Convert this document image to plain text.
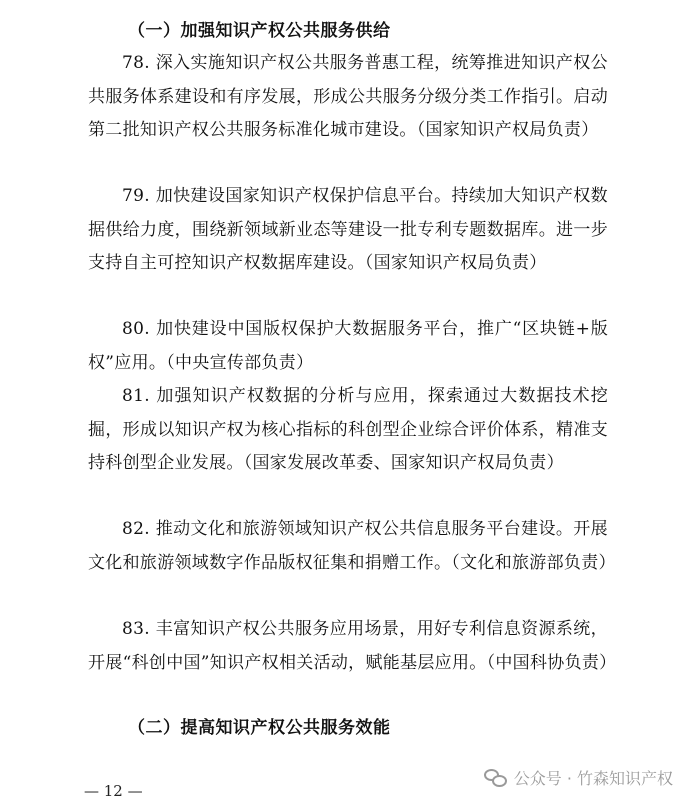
（一）加强知识产权公共服务供给

78. 深入实施知识产权公共服务普惠工程，统筹推进知识产权公共服务体系建设和有序发展，形成公共服务分级分类工作指引。启动第二批知识产权公共服务标准化城市建设。（国家知识产权局负责）

79. 加快建设国家知识产权保护信息平台。持续加大知识产权数据供给力度，围绕新领域新业态等建设一批专利专题数据库。进一步支持自主可控知识产权数据库建设。（国家知识产权局负责）

80. 加快建设中国版权保护大数据服务平台，推广“区块链+版权”应用。（中央宣传部负责）

81. 加强知识产权数据的分析与应用，探索通过大数据技术挖掘，形成以知识产权为核心指标的科创型企业综合评价体系，精准支持科创型企业发展。（国家发展改革委、国家知识产权局负责）

82. 推动文化和旅游领域知识产权公共信息服务平台建设。开展文化和旅游领域数字作品版权征集和捐赠工作。（文化和旅游部负责）

83. 丰富知识产权公共服务应用场景，用好专利信息资源系统，开展“科创中国”知识产权相关活动，赋能基层应用。（中国科协负责）

（二）提高知识产权公共服务效能
— 12 —
公众号 · 竹森知识产权
